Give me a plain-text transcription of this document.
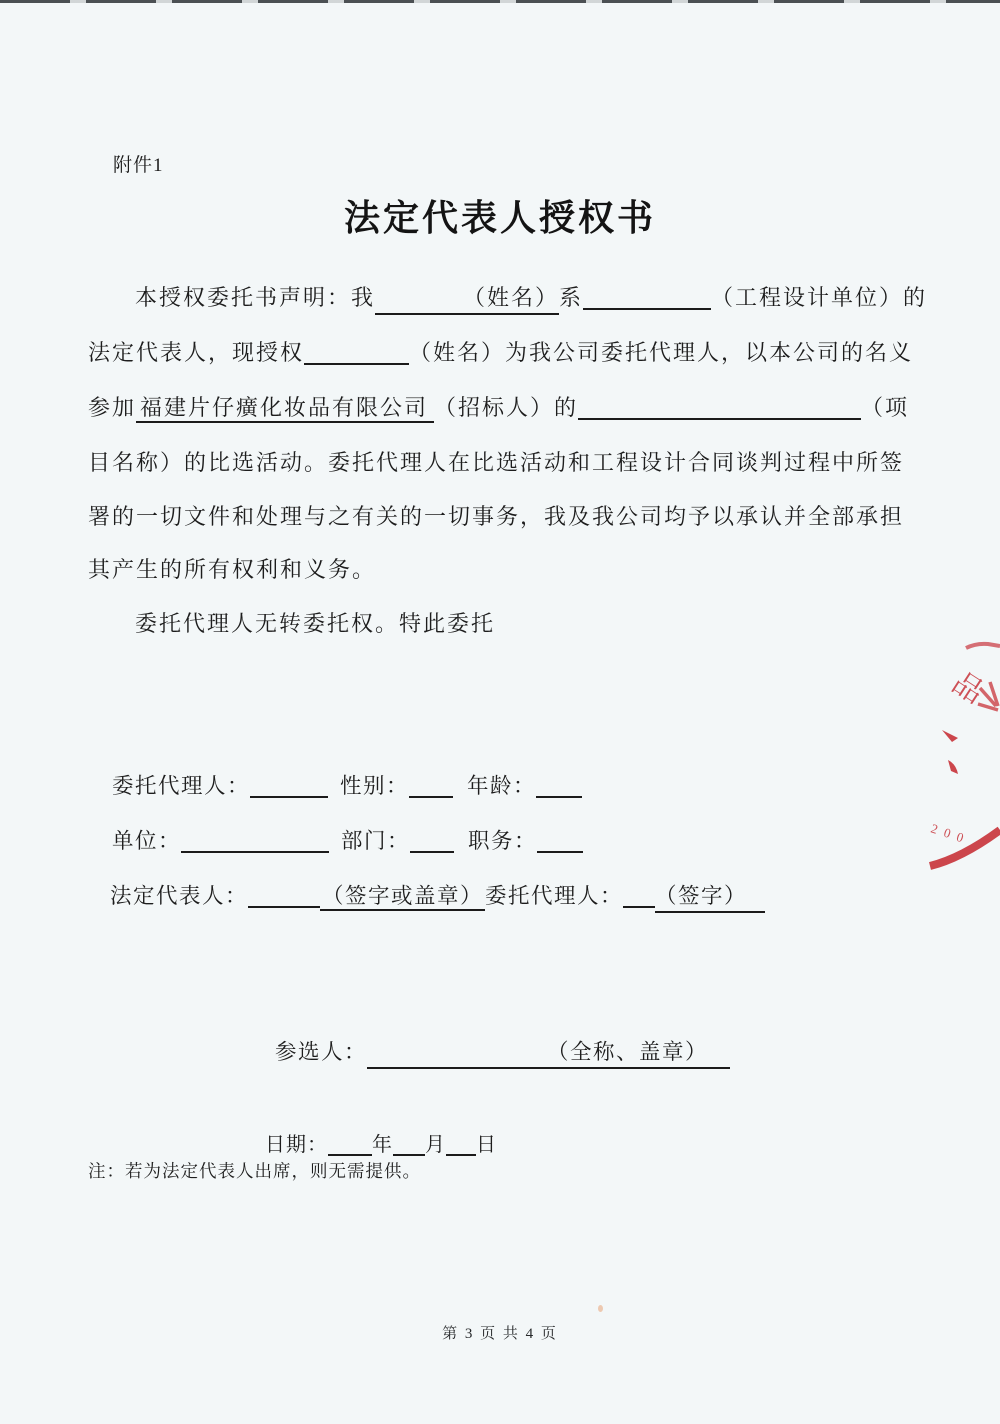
附件1
法定代表人授权书
本授权委托书声明：我	（姓名）系	（工程设计单位）的
法定代表人，现授权	（姓名）为我公司委托代理人，以本公司的名义
参加 福建片仔癀化妆品有限公司 （招标人）的	（项
目名称）的比选活动。委托代理人在比选活动和工程设计合同谈判过程中所签
署的一切文件和处理与之有关的一切事务，我及我公司均予以承认并全部承担
其产生的所有权利和义务。
委托代理人无转委托权。特此委托
委托代理人：	性别：	年龄：
单位：	部门：	职务：
法定代表人：	（签字或盖章）委托代理人： （签字）
参选人：	（全称、盖章）
日期： 年 月 日
注：若为法定代表人出席，则无需提供。
第 3 页 共 4 页
品
200
